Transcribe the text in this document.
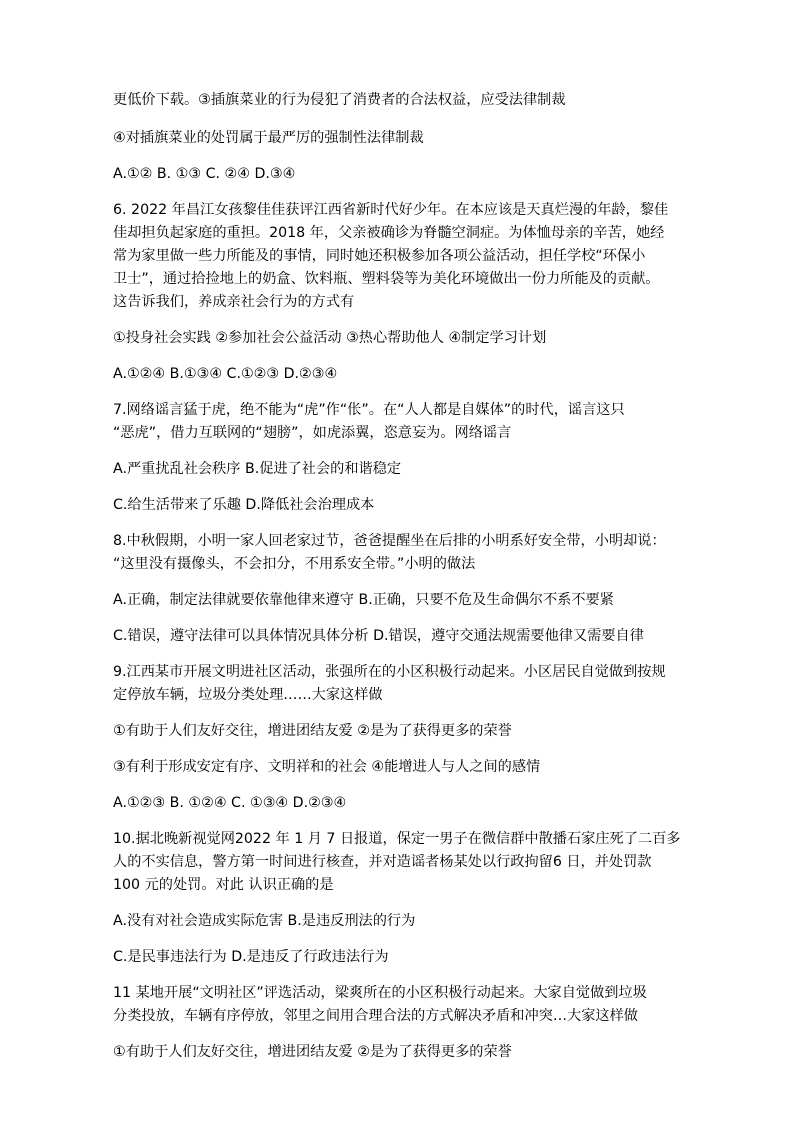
更低价下载。③插旗菜业的行为侵犯了消费者的合法权益，应受法律制裁
④对插旗菜业的处罚属于最严厉的强制性法律制裁
A.①② B. ①③ C. ②④ D.③④
6. 2022 年昌江女孩黎佳佳获评江西省新时代好少年。在本应该是天真烂漫的年龄，黎佳
佳却担负起家庭的重担。2018 年，父亲被确诊为脊髓空洞症。为体恤母亲的辛苦，她经
常为家里做一些力所能及的事情，同时她还积极参加各项公益活动，担任学校“环保小
卫士”，通过拾捡地上的奶盒、饮料瓶、塑料袋等为美化环境做出一份力所能及的贡献。
这告诉我们，养成亲社会行为的方式有
①投身社会实践 ②参加社会公益活动 ③热心帮助他人 ④制定学习计划
A.①②④ B.①③④ C.①②③ D.②③④
7.网络谣言猛于虎，绝不能为“虎”作“伥”。在“人人都是自媒体”的时代，谣言这只
“恶虎”，借力互联网的“翅膀”，如虎添翼，恣意妄为。网络谣言
A.严重扰乱社会秩序 B.促进了社会的和谐稳定
C.给生活带来了乐趣 D.降低社会治理成本
8.中秋假期，小明一家人回老家过节，爸爸提醒坐在后排的小明系好安全带，小明却说：
“这里没有摄像头，不会扣分，不用系安全带。”小明的做法
A.正确，制定法律就要依靠他律来遵守 B.正确，只要不危及生命偶尔不系不要紧
C.错误，遵守法律可以具体情况具体分析 D.错误，遵守交通法规需要他律又需要自律
9.江西某市开展文明进社区活动，张强所在的小区积极行动起来。小区居民自觉做到按规
定停放车辆，垃圾分类处理……大家这样做
①有助于人们友好交往，增进团结友爱 ②是为了获得更多的荣誉
③有利于形成安定有序、文明祥和的社会 ④能增进人与人之间的感情
A.①②③ B. ①②④ C. ①③④ D.②③④
10.据北晚新视觉网2022 年 1 月 7 日报道，保定一男子在微信群中散播石家庄死了二百多
人的不实信息，警方第一时间进行核查，并对造谣者杨某处以行政拘留6 日，并处罚款
100 元的处罚。对此 认识正确的是
A.没有对社会造成实际危害 B.是违反刑法的行为
C.是民事违法行为 D.是违反了行政违法行为
11 某地开展“文明社区”评选活动，梁爽所在的小区积极行动起来。大家自觉做到垃圾
分类投放，车辆有序停放，邻里之间用合理合法的方式解决矛盾和冲突…大家这样做
①有助于人们友好交往，增进团结友爱 ②是为了获得更多的荣誉
